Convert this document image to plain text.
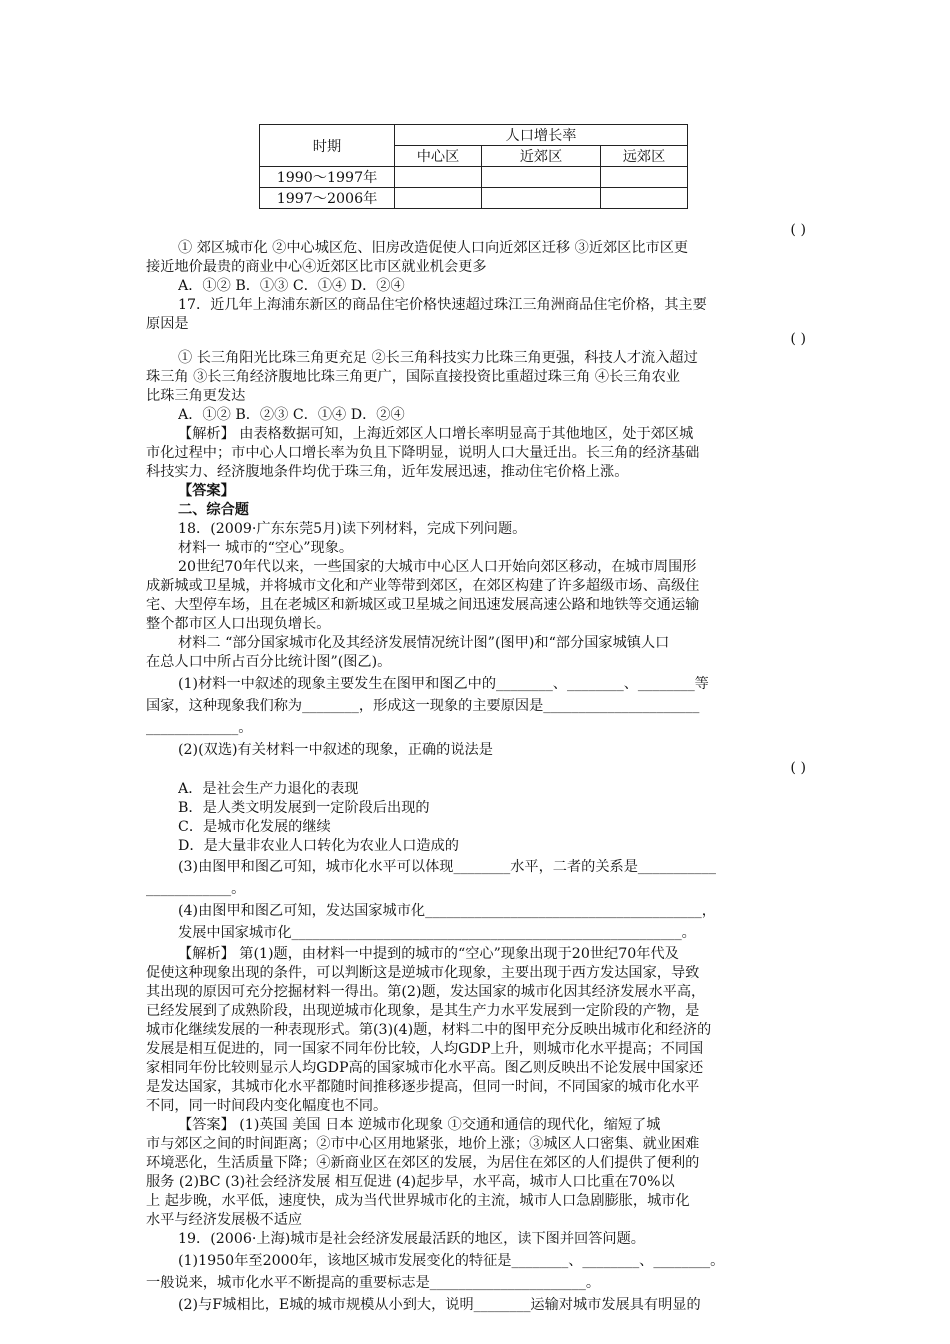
时期	人口增长率		
	中心区	近郊区	远郊区
1990～1997年			
1997～2006年			
( )
① 郊区城市化 ②中心城区危、旧房改造促使人口向近郊区迁移 ③近郊区比市区更
接近地价最贵的商业中心④近郊区比市区就业机会更多
A．①② B．①③ C．①④ D．②④
17．近几年上海浦东新区的商品住宅价格快速超过珠江三角洲商品住宅价格，其主要
原因是
( )
① 长三角阳光比珠三角更充足 ②长三角科技实力比珠三角更强，科技人才流入超过
珠三角 ③长三角经济腹地比珠三角更广，国际直接投资比重超过珠三角 ④长三角农业
比珠三角更发达
A．①② B．②③ C．①④ D．②④
【解析】 由表格数据可知，上海近郊区人口增长率明显高于其他地区，处于郊区城
市化过程中；市中心人口增长率为负且下降明显，说明人口大量迁出。长三角的经济基础
科技实力、经济腹地条件均优于珠三角，近年发展迅速，推动住宅价格上涨。
【答案】
二、综合题
18．(2009·广东东莞5月)读下列材料，完成下列问题。
材料一 城市的“空心”现象。
20世纪70年代以来，一些国家的大城市中心区人口开始向郊区移动，在城市周围形
成新城或卫星城，并将城市文化和产业等带到郊区，在郊区构建了许多超级市场、高级住
宅、大型停车场，且在老城区和新城区或卫星城之间迅速发展高速公路和地铁等交通运输
整个都市区人口出现负增长。
材料二 “部分国家城市化及其经济发展情况统计图”(图甲)和“部分国家城镇人口
在总人口中所占百分比统计图”(图乙)。
(1)材料一中叙述的现象主要发生在图甲和图乙中的________、________、________等
国家，这种现象我们称为________，形成这一现象的主要原因是______________________
_____________。
(2)(双选)有关材料一中叙述的现象，正确的说法是
( )
A．是社会生产力退化的表现
B．是人类文明发展到一定阶段后出现的
C．是城市化发展的继续
D．是大量非农业人口转化为农业人口造成的
(3)由图甲和图乙可知，城市化水平可以体现________水平，二者的关系是___________
____________。
(4)由图甲和图乙可知，发达国家城市化_______________________________________，
发展中国家城市化_______________________________________________________。
【解析】 第(1)题，由材料一中提到的城市的“空心”现象出现于20世纪70年代及
促使这种现象出现的条件，可以判断这是逆城市化现象，主要出现于西方发达国家，导致
其出现的原因可充分挖掘材料一得出。第(2)题，发达国家的城市化因其经济发展水平高，
已经发展到了成熟阶段，出现逆城市化现象，是其生产力水平发展到一定阶段的产物，是
城市化继续发展的一种表现形式。第(3)(4)题，材料二中的图甲充分反映出城市化和经济的
发展是相互促进的，同一国家不同年份比较，人均GDP上升，则城市化水平提高；不同国
家相同年份比较则显示人均GDP高的国家城市化水平高。图乙则反映出不论发展中国家还
是发达国家，其城市化水平都随时间推移逐步提高，但同一时间，不同国家的城市化水平
不同，同一时间段内变化幅度也不同。
【答案】 (1)英国 美国 日本 逆城市化现象 ①交通和通信的现代化，缩短了城
市与郊区之间的时间距离；②市中心区用地紧张，地价上涨；③城区人口密集、就业困难
环境恶化，生活质量下降；④新商业区在郊区的发展，为居住在郊区的人们提供了便利的
服务 (2)BC (3)社会经济发展 相互促进 (4)起步早，水平高，城市人口比重在70%以
上 起步晚，水平低，速度快，成为当代世界城市化的主流，城市人口急剧膨胀，城市化
水平与经济发展极不适应
19．(2006·上海)城市是社会经济发展最活跃的地区，读下图并回答问题。
(1)1950年至2000年，该地区城市发展变化的特征是________、________、________。
一般说来，城市化水平不断提高的重要标志是______________________。
(2)与F城相比，E城的城市规模从小到大，说明________运输对城市发展具有明显的
